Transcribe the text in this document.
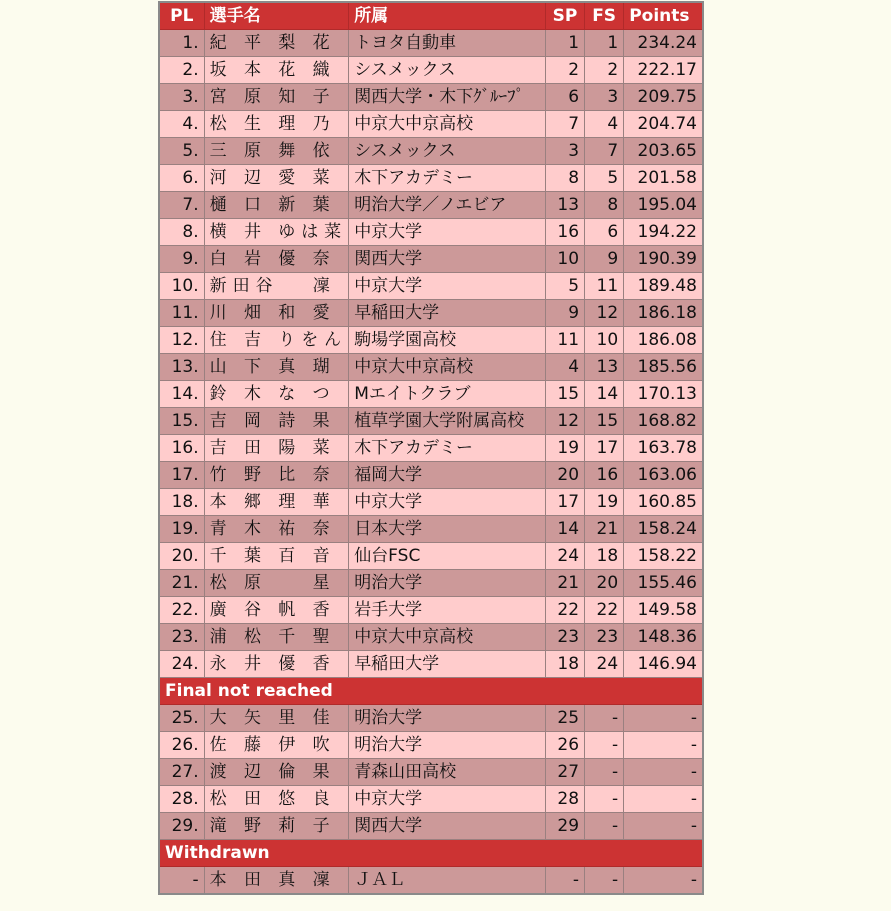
PL	選手名	所属	SP	FS	Points
1.	紀 平 梨 花	トヨタ自動車	1	1	234.24
2.	坂 本 花 織	シスメックス	2	2	222.17
3.	宮 原 知 子	関西大学・木下ｸﾞﾙｰﾌﾟ	6	3	209.75
4.	松 生 理 乃	中京大中京高校	7	4	204.74
5.	三 原 舞 依	シスメックス	3	7	203.65
6.	河 辺 愛 菜	木下アカデミー	8	5	201.58
7.	樋 口 新 葉	明治大学／ノエビア	13	8	195.04
8.	横 井 ゆは菜	中京大学	16	6	194.22
9.	白 岩 優 奈	関西大学	10	9	190.39
10.	新田谷　 凜	中京大学	5	11	189.48
11.	川 畑 和 愛	早稲田大学	9	12	186.18
12.	住 吉 りをん	駒場学園高校	11	10	186.08
13.	山 下 真 瑚	中京大中京高校	4	13	185.56
14.	鈴 木 な つ	Mエイトクラブ	15	14	170.13
15.	吉 岡 詩 果	植草学園大学附属高校	12	15	168.82
16.	吉 田 陽 菜	木下アカデミー	19	17	163.78
17.	竹 野 比 奈	福岡大学	20	16	163.06
18.	本 郷 理 華	中京大学	17	19	160.85
19.	青 木 祐 奈	日本大学	14	21	158.24
20.	千 葉 百 音	仙台FSC	24	18	158.22
21.	松 原 　 星	明治大学	21	20	155.46
22.	廣 谷 帆 香	岩手大学	22	22	149.58
23.	浦 松 千 聖	中京大中京高校	23	23	148.36
24.	永 井 優 香	早稲田大学	18	24	146.94
Final not reached					
25.	大 矢 里 佳	明治大学	25	-	-
26.	佐 藤 伊 吹	明治大学	26	-	-
27.	渡 辺 倫 果	青森山田高校	27	-	-
28.	松 田 悠 良	中京大学	28	-	-
29.	滝 野 莉 子	関西大学	29	-	-
Withdrawn					
-	本 田 真 凜	ＪＡＬ	-	-	-
